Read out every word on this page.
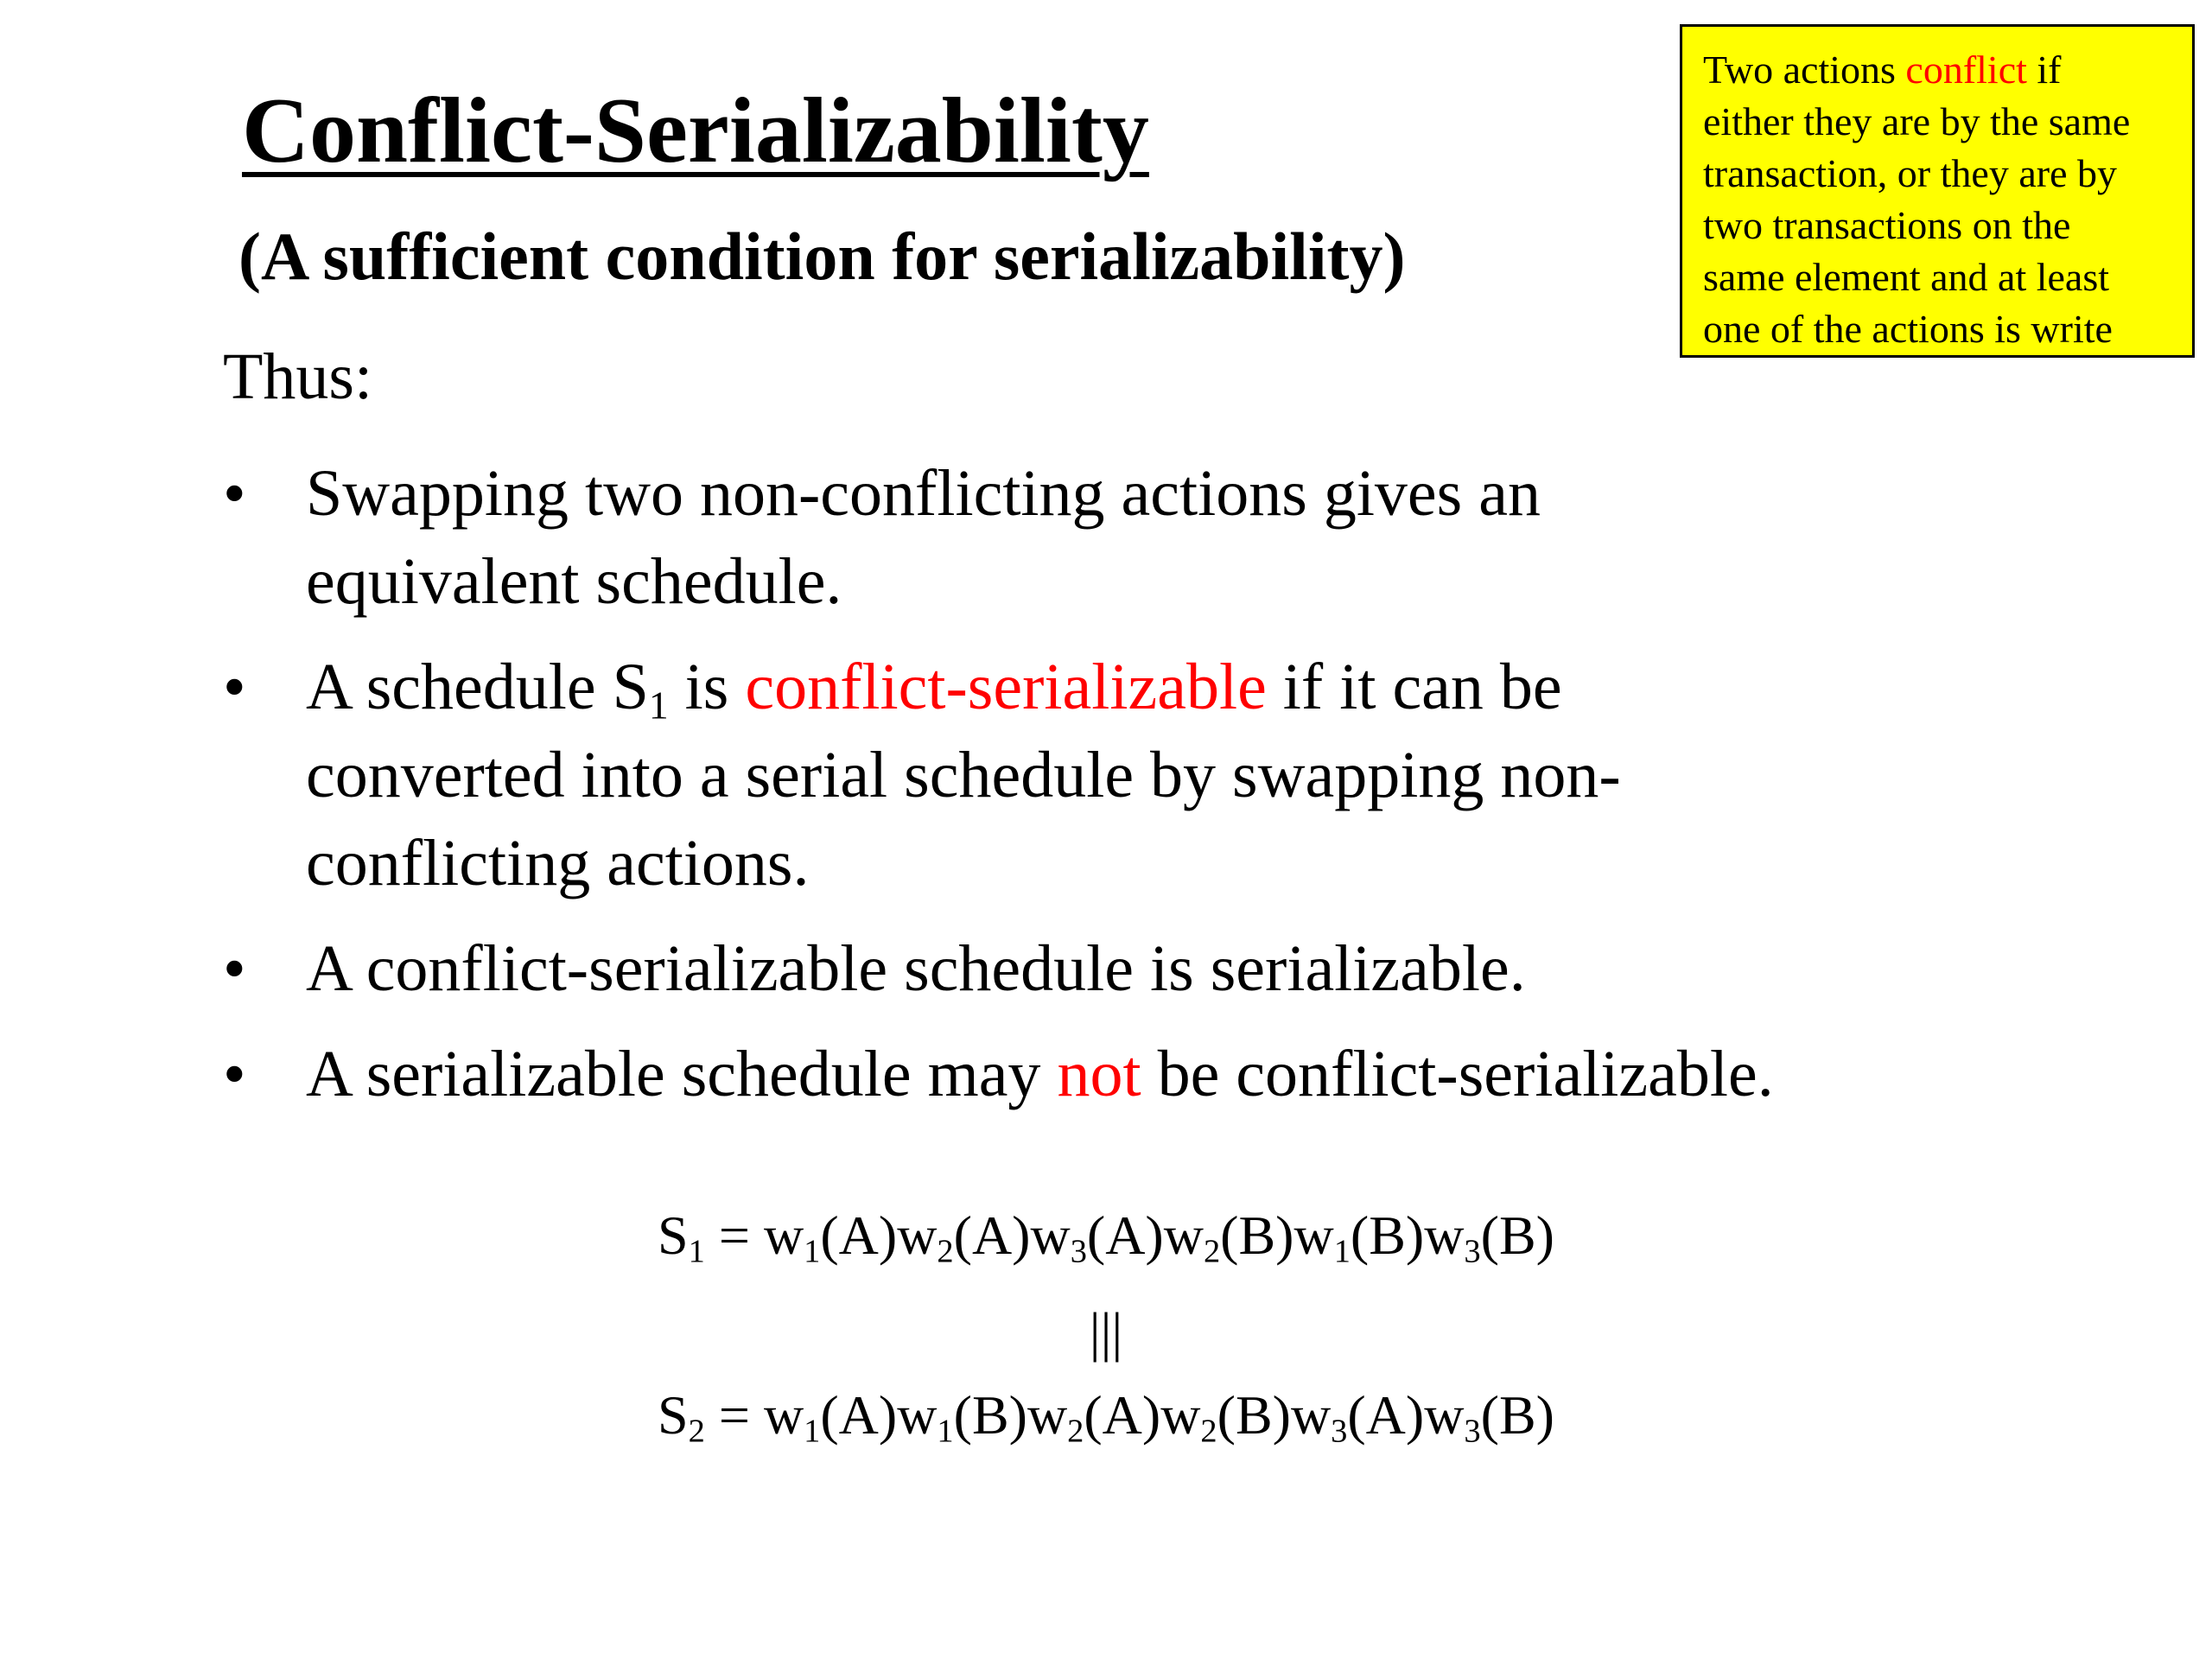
Conflict-Serializability
(A sufficient condition for serializability)
Two actions conflict if
either they are by the same
transaction, or they are by
two transactions on the
same element and at least
one of the actions is write
Thus:
• Swapping two non-conflicting actions gives an
equivalent schedule.
• A schedule $S_1$ is conflict-serializable if it can be
converted into a serial schedule by swapping non-
conflicting actions.
• A conflict-serializable schedule is serializable.
• A serializable schedule may not be conflict-serializable.
$S_1 = w_1(A)w_2(A)w_3(A)w_2(B)w_1(B)w_3(B)$
|||
$S_2 = w_1(A)w_1(B)w_2(A)w_2(B)w_3(A)w_3(B)$
